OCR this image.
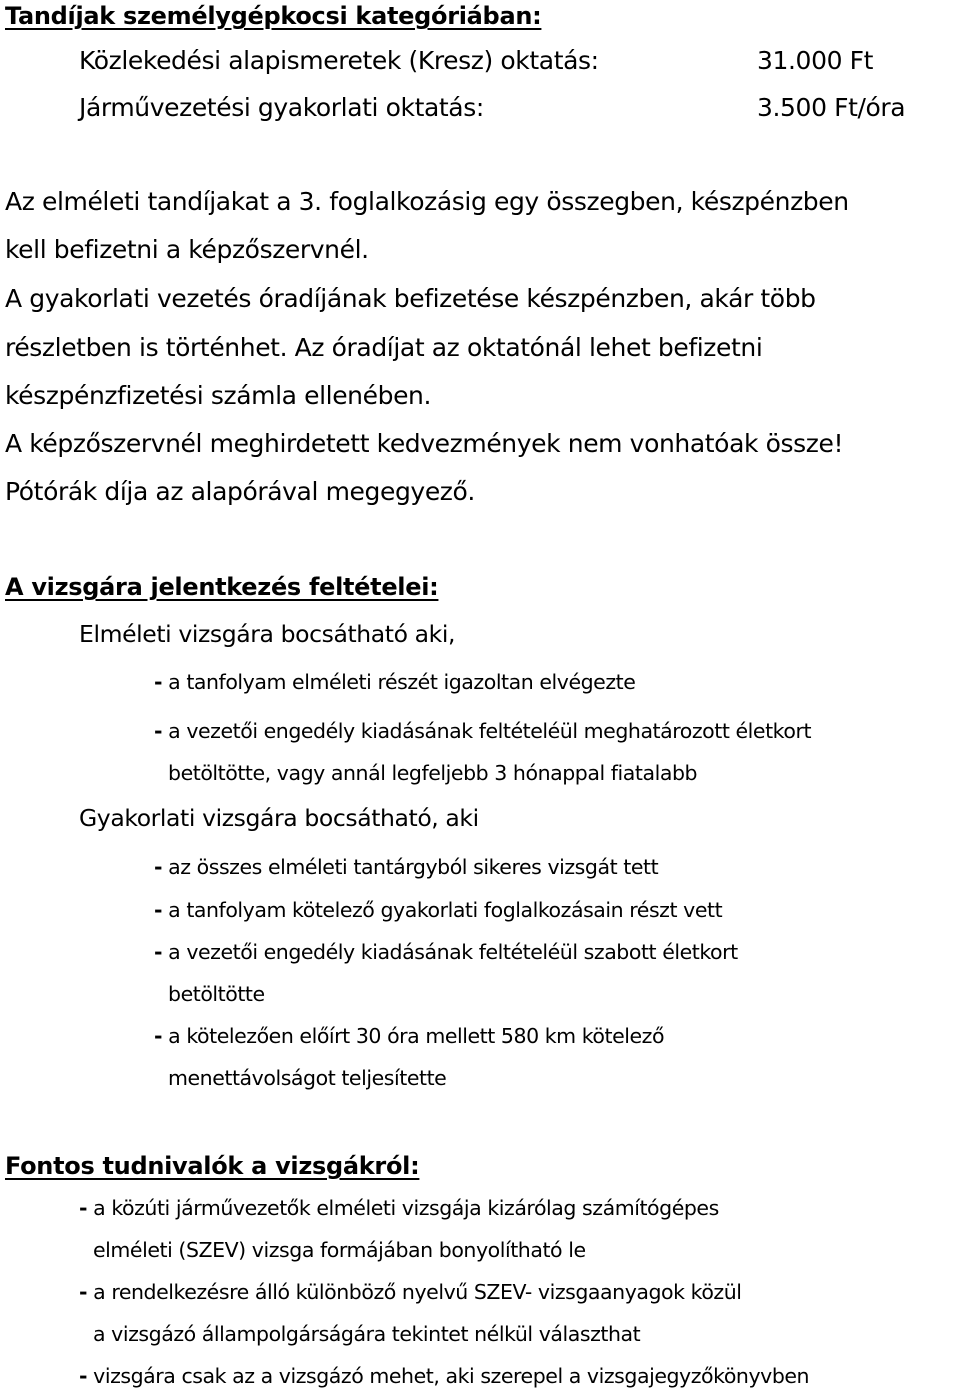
Tandíjak személygépkocsi kategóriában:
Közlekedési alapismeretek (Kresz) oktatás:	31.000 Ft
Járművezetési gyakorlati oktatás:	3.500 Ft/óra
Az elméleti tandíjakat a 3. foglalkozásig egy összegben, készpénzben
kell befizetni a képzőszervnél.
A gyakorlati vezetés óradíjának befizetése készpénzben, akár több
részletben is történhet. Az óradíjat az oktatónál lehet befizetni
készpénzfizetési számla ellenében.
A képzőszervnél meghirdetett kedvezmények nem vonhatóak össze!
Pótórák díja az alapórával megegyező.
A vizsgára jelentkezés feltételei:
Elméleti vizsgára bocsátható aki,
- a tanfolyam elméleti részét igazoltan elvégezte
- a vezetői engedély kiadásának feltételéül meghatározott életkort
betöltötte, vagy annál legfeljebb 3 hónappal fiatalabb
Gyakorlati vizsgára bocsátható, aki
- az összes elméleti tantárgyból sikeres vizsgát tett
- a tanfolyam kötelező gyakorlati foglalkozásain részt vett
- a vezetői engedély kiadásának feltételéül szabott életkort
betöltötte
- a kötelezően előírt 30 óra mellett 580 km kötelező
menettávolságot teljesítette
Fontos tudnivalók a vizsgákról:
- a közúti járművezetők elméleti vizsgája kizárólag számítógépes
elméleti (SZEV) vizsga formájában bonyolítható le
- a rendelkezésre álló különböző nyelvű SZEV- vizsgaanyagok közül
a vizsgázó állampolgárságára tekintet nélkül választhat
- vizsgára csak az a vizsgázó mehet, aki szerepel a vizsgajegyzőkönyvben
